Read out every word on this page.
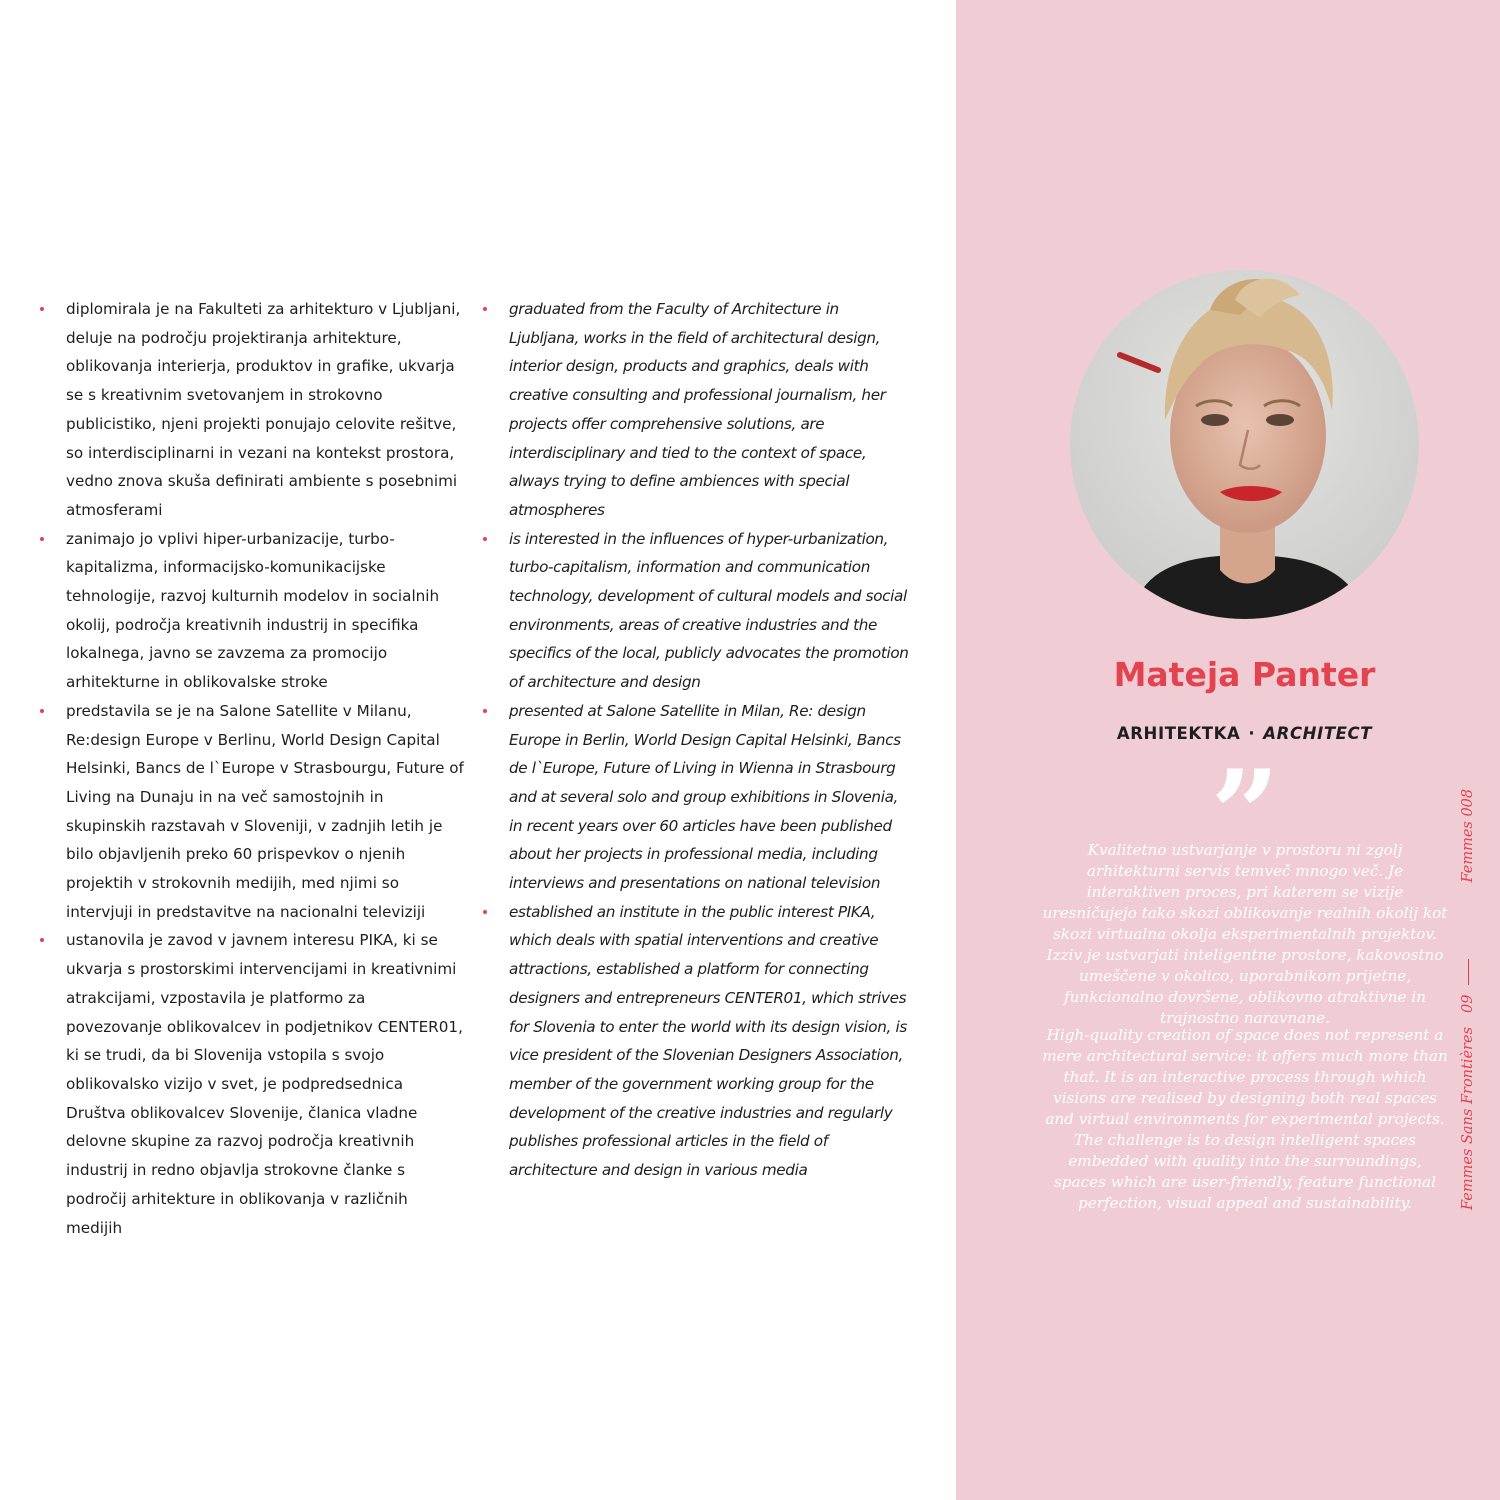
diplomirala je na Fakulteti za arhitekturo v Ljubljani, deluje na področju projektiranja arhitekture, oblikovanja interierja, produktov in grafike, ukvarja se s kreativnim svetovanjem in strokovno publicistiko, njeni projekti ponujajo celovite rešitve, so interdisciplinarni in vezani na kontekst prostora, vedno znova skuša definirati ambiente s posebnimi atmosferami
zanimajo jo vplivi hiper-urbanizacije, turbo-kapitalizma, informacijsko-komunikacijske tehnologije, razvoj kulturnih modelov in socialnih okolij, področja kreativnih industrij in specifika lokalnega, javno se zavzema za promocijo arhitekturne in oblikovalske stroke
predstavila se je na Salone Satellite v Milanu, Re:design Europe v Berlinu, World Design Capital Helsinki, Bancs de l`Europe v Strasbourgu, Future of Living na Dunaju in na več samostojnih in skupinskih razstavah v Sloveniji, v zadnjih letih je bilo objavljenih preko 60 prispevkov o njenih projektih v strokovnih medijih, med njimi so intervjuji in predstavitve na nacionalni televiziji
ustanovila je zavod v javnem interesu PIKA, ki se ukvarja s prostorskimi intervencijami in kreativnimi atrakcijami, vzpostavila je platformo za povezovanje oblikovalcev in podjetnikov CENTER01, ki se trudi, da bi Slovenija vstopila s svojo oblikovalsko vizijo v svet, je podpredsednica Društva oblikovalcev Slovenije, članica vladne delovne skupine za razvoj področja kreativnih industrij in redno objavlja strokovne članke s področij arhitekture in oblikovanja v različnih medijih
graduated from the Faculty of Architecture in Ljubljana, works in the field of architectural design, interior design, products and graphics, deals with creative consulting and professional journalism, her projects offer comprehensive solutions, are interdisciplinary and tied to the context of space, always trying to define ambiences with special atmospheres
is interested in the influences of hyper-urbanization, turbo-capitalism, information and communication technology, development of cultural models and social environments, areas of creative industries and the specifics of the local, publicly advocates the promotion of architecture and design
presented at Salone Satellite in Milan, Re: design Europe in Berlin, World Design Capital Helsinki, Bancs de l`Europe, Future of Living in Wienna in Strasbourg and at several solo and group exhibitions in Slovenia, in recent years over 60 articles have been published about her projects in professional media, including interviews and presentations on national television
established an institute in the public interest PIKA, which deals with spatial interventions and creative attractions, established a platform for connecting designers and entrepreneurs CENTER01, which strives for Slovenia to enter the world with its design vision, is vice president of the Slovenian Designers Association, member of the government working group for the development of the creative industries and regularly publishes professional articles in the field of architecture and design in various media
Mateja Panter
ARHITEKTKA · ARCHITECT
”

Kvalitetno ustvarjanje v prostoru ni zgolj arhitekturni servis temveč mnogo več. Je interaktiven proces, pri katerem se vizije uresničujejo tako skozi oblikovanje realnih okolij kot skozi virtualna okolja eksperimentalnih projektov. Izziv je ustvarjati inteligentne prostore, kakovostno umeščene v okolico, uporabnikom prijetne, funkcionalno dovršene, oblikovno atraktivne in trajnostno naravnane.

High-quality creation of space does not represent a mere architectural service: it offers much more than that. It is an interactive process through which visions are realised by designing both real spaces and virtual environments for experimental projects. The challenge is to design intelligent spaces embedded with quality into the surroundings, spaces which are user-friendly, feature functional perfection, visual appeal and sustainability.	Femmes Sans Frontières
09
Femmes 008
